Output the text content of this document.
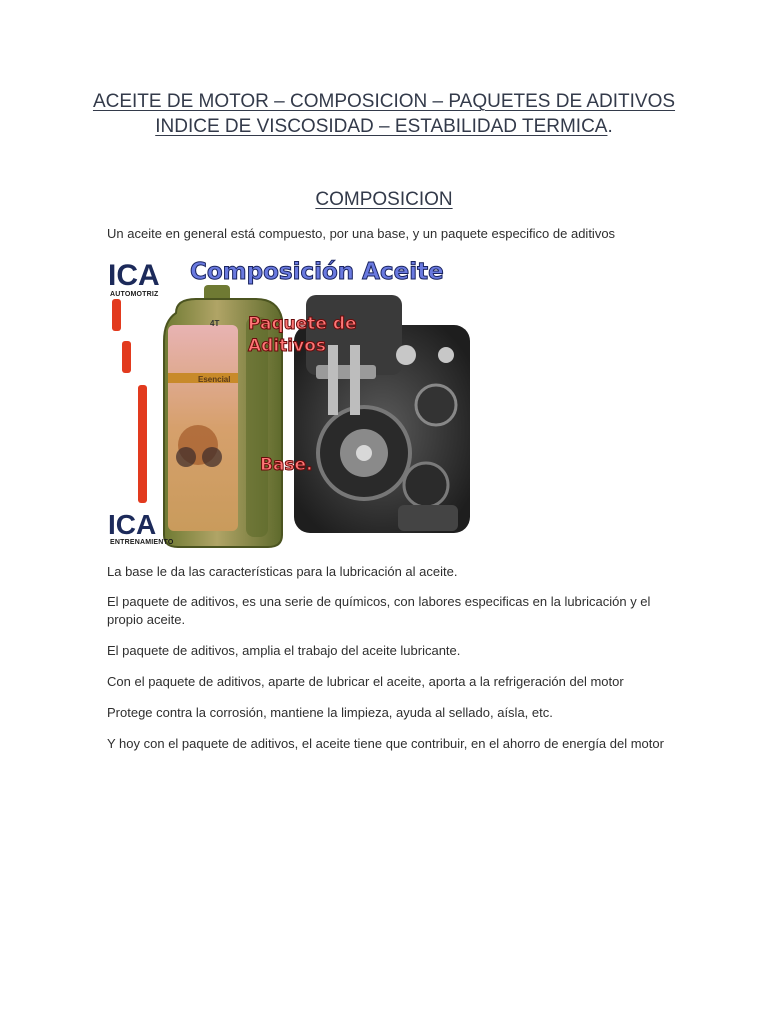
ACEITE DE MOTOR – COMPOSICION – PAQUETES DE ADITIVOS
INDICE DE VISCOSIDAD – ESTABILIDAD TERMICA.
COMPOSICION
Un aceite en general está compuesto, por una base, y un paquete especifico de aditivos
ICA
AUTOMOTRIZ
ICA
ENTRENAMIENTO
4T
Esencial
Composición Aceite
Paquete de
Aditivos
Base.
La base le da las características para la lubricación al aceite.
El paquete de aditivos, es una serie de químicos, con labores especificas en la lubricación y el propio aceite.
El paquete de aditivos, amplia el trabajo del aceite lubricante.
Con el paquete de aditivos, aparte de lubricar el aceite, aporta a la refrigeración del motor
Protege contra la corrosión, mantiene la limpieza, ayuda al sellado, aísla, etc.
Y hoy con el paquete de aditivos, el aceite tiene que contribuir, en el ahorro de energía del motor
